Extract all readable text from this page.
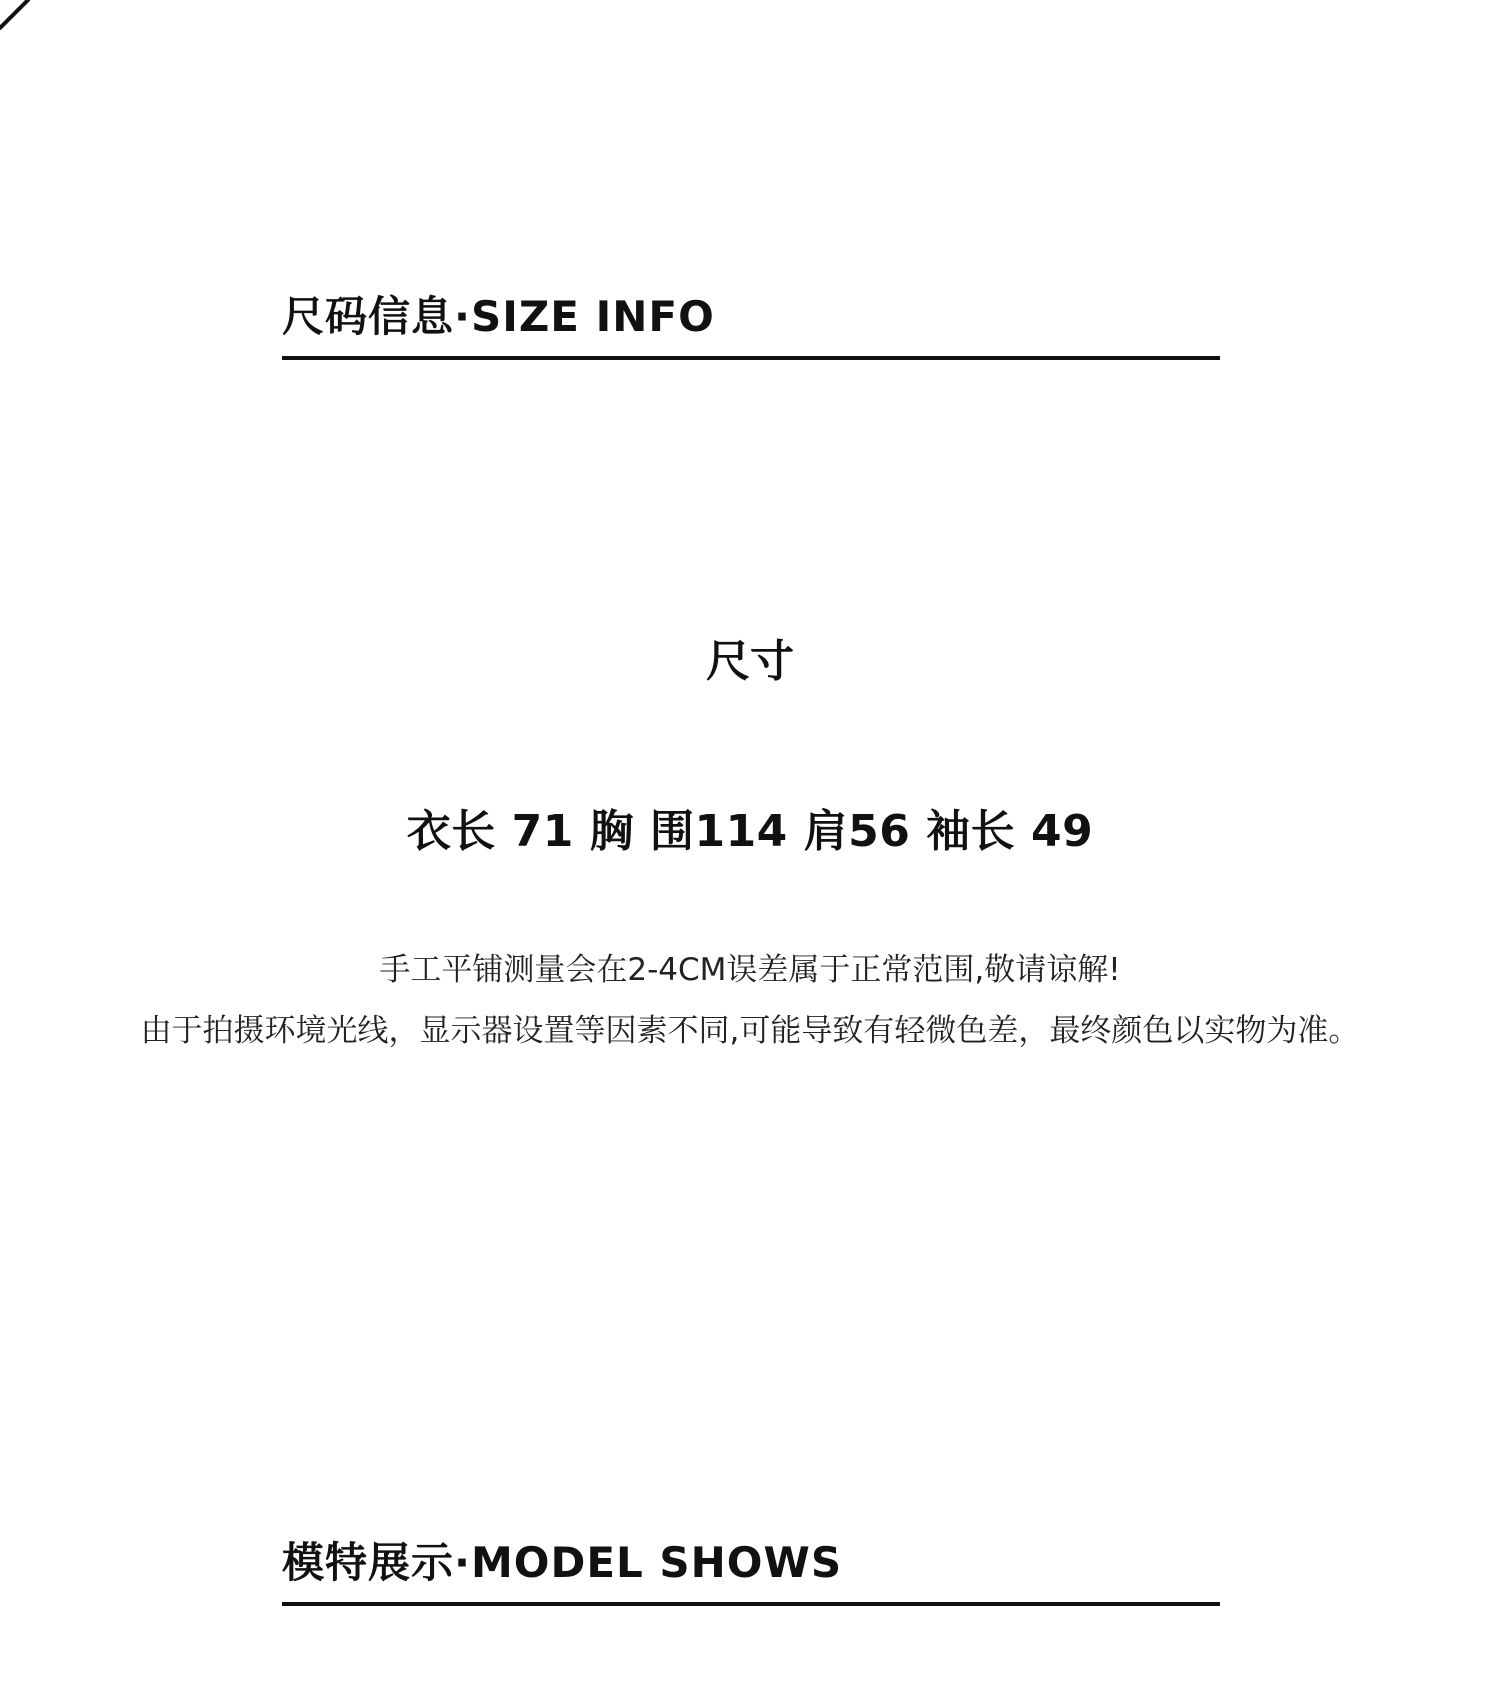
尺码信息·SIZE INFO
尺寸
衣长 71 胸 围114 肩56 袖长 49
手工平铺测量会在2-4CM误差属于正常范围,敬请谅解!
由于拍摄环境光线，显示器设置等因素不同,可能导致有轻微色差，最终颜色以实物为准。
模特展示·MODEL SHOWS
